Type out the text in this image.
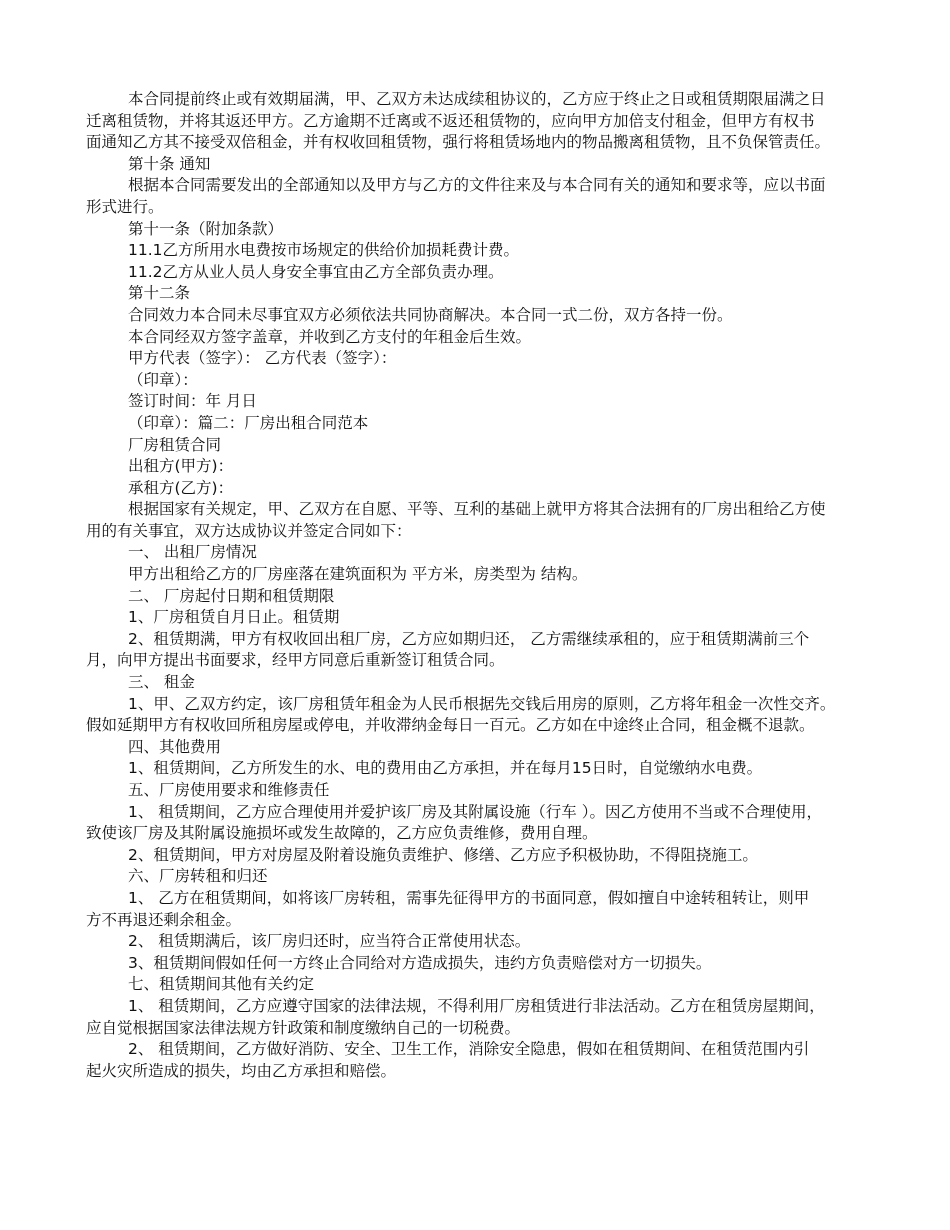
本合同提前终止或有效期届满，甲、乙双方未达成续租协议的，乙方应于终止之日或租赁期限届满之日
迁离租赁物，并将其返还甲方。乙方逾期不迁离或不返还租赁物的，应向甲方加倍支付租金，但甲方有权书
面通知乙方其不接受双倍租金，并有权收回租赁物，强行将租赁场地内的物品搬离租赁物，且不负保管责任。
第十条 通知
根据本合同需要发出的全部通知以及甲方与乙方的文件往来及与本合同有关的通知和要求等，应以书面
形式进行。
第十一条（附加条款）
11.1乙方所用水电费按市场规定的供给价加损耗费计费。
11.2乙方从业人员人身安全事宜由乙方全部负责办理。
第十二条
合同效力本合同未尽事宜双方必须依法共同协商解决。本合同一式二份，双方各持一份。
本合同经双方签字盖章，并收到乙方支付的年租金后生效。
甲方代表（签字）： 乙方代表（签字）：
（印章）：
签订时间：年 月日
（印章）：篇二：厂房出租合同范本
厂房租赁合同
出租方(甲方)：
承租方(乙方)：
根据国家有关规定，甲、乙双方在自愿、平等、互利的基础上就甲方将其合法拥有的厂房出租给乙方使
用的有关事宜，双方达成协议并签定合同如下：
一、 出租厂房情况
甲方出租给乙方的厂房座落在建筑面积为 平方米，房类型为 结构。
二、 厂房起付日期和租赁期限
1、厂房租赁自月日止。租赁期
2、租赁期满，甲方有权收回出租厂房，乙方应如期归还， 乙方需继续承租的，应于租赁期满前三个
月，向甲方提出书面要求，经甲方同意后重新签订租赁合同。
三、 租金
1、甲、乙双方约定，该厂房租赁年租金为人民币根据先交钱后用房的原则，乙方将年租金一次性交齐。
假如延期甲方有权收回所租房屋或停电，并收滞纳金每日一百元。乙方如在中途终止合同，租金概不退款。
四、其他费用
1、租赁期间，乙方所发生的水、电的费用由乙方承担，并在每月15日时，自觉缴纳水电费。
五、厂房使用要求和维修责任
1、 租赁期间，乙方应合理使用并爱护该厂房及其附属设施（行车 ）。因乙方使用不当或不合理使用，
致使该厂房及其附属设施损坏或发生故障的，乙方应负责维修，费用自理。
2、租赁期间，甲方对房屋及附着设施负责维护、修缮、乙方应予积极协助，不得阻挠施工。
六、厂房转租和归还
1、 乙方在租赁期间，如将该厂房转租，需事先征得甲方的书面同意，假如擅自中途转租转让，则甲
方不再退还剩余租金。
2、 租赁期满后，该厂房归还时，应当符合正常使用状态。
3、租赁期间假如任何一方终止合同给对方造成损失，违约方负责赔偿对方一切损失。
七、租赁期间其他有关约定
1、 租赁期间，乙方应遵守国家的法律法规，不得利用厂房租赁进行非法活动。乙方在租赁房屋期间，
应自觉根据国家法律法规方针政策和制度缴纳自己的一切税费。
2、 租赁期间，乙方做好消防、安全、卫生工作，消除安全隐患，假如在租赁期间、在租赁范围内引
起火灾所造成的损失，均由乙方承担和赔偿。
